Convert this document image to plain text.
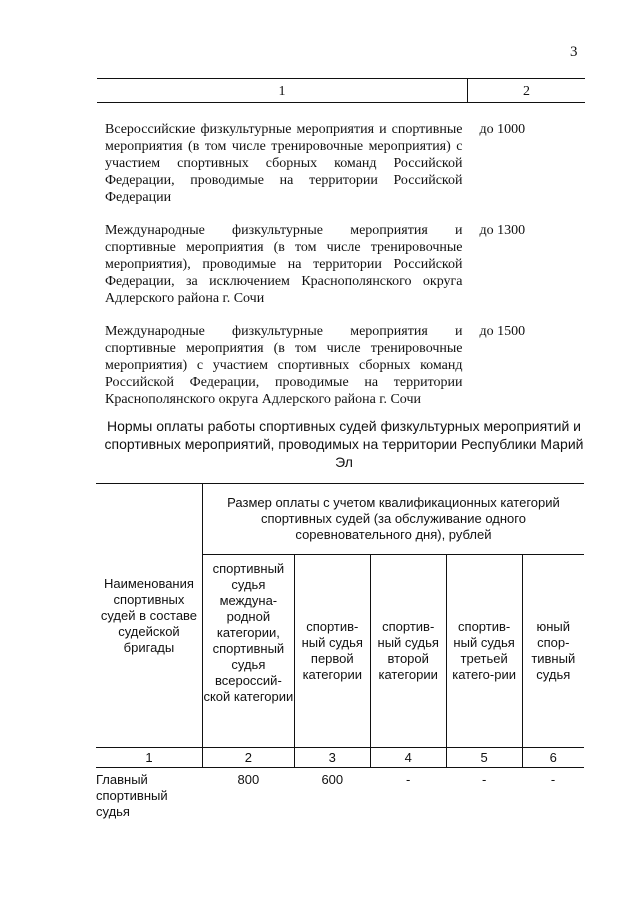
3
1	2
Всероссийские физкультурные мероприятия и спортивные мероприятия (в том числе тренировочные мероприятия) с участием спортивных сборных команд Российской Федерации, проводимые на территории Российской Федерации	до 1000
Международные физкультурные мероприятия и спортивные мероприятия (в том числе тренировочные мероприятия), проводимые на территории Российской Федерации, за исключением Краснополянского округа Адлерского района г. Сочи	до 1300
Международные физкультурные мероприятия и спортивные мероприятия (в том числе тренировочные мероприятия) с участием спортивных сборных команд Российской Федерации, проводимые на территории Краснополянского округа Адлерского района г. Сочи	до 1500
Нормы оплаты работы спортивных судей физкультурных мероприятий и спортивных мероприятий, проводимых на территории Республики Марий Эл
Наименования спортивных судей в составе судейской бригады	Размер оплаты с учетом квалификационных категорий спортивных судей (за обслуживание одного соревновательного дня), рублей				
	спортивный судья междуна-родной категории, спортивный судья всероссий-ской категории	спортив-ный судья первой категории	спортив-ный судья второй категории	спортив-ный судья третьей катего-рии	юный спор-тивный судья
1	2	3	4	5	6
Главный спортивный судья	800	600	-	-	-
